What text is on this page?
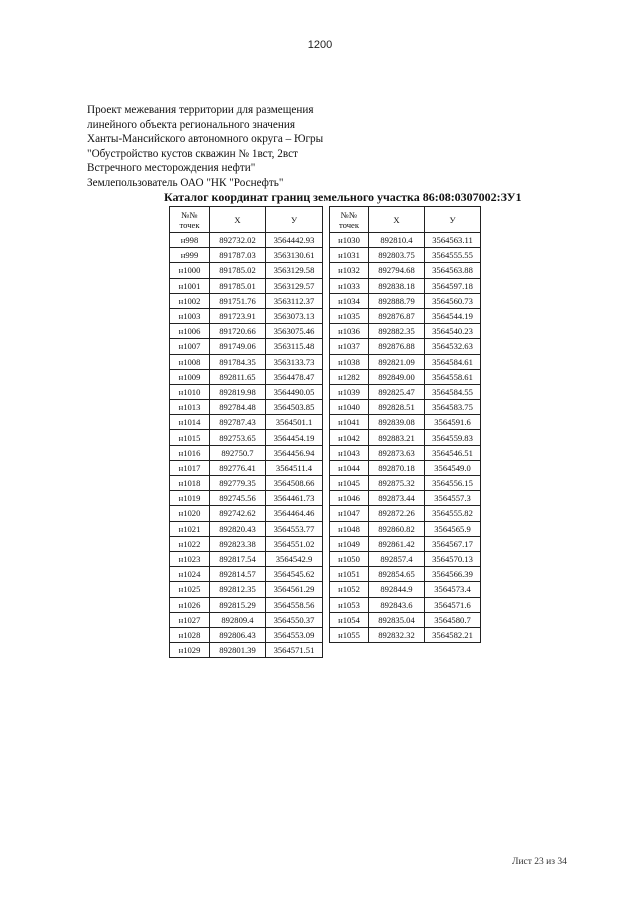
1200
Проект межевания территории для размещения
линейного объекта регионального значения
Ханты-Мансийского автономного округа – Югры
"Обустройство кустов скважин № 1вст, 2вст
Встречного месторождения нефти"
Землепользователь ОАО "НК "Роснефть"
Каталог координат границ земельного участка 86:08:0307002:ЗУ1
№№
точек	X	У
н998	892732.02	3564442.93
н999	891787.03	3563130.61
н1000	891785.02	3563129.58
н1001	891785.01	3563129.57
н1002	891751.76	3563112.37
н1003	891723.91	3563073.13
н1006	891720.66	3563075.46
н1007	891749.06	3563115.48
н1008	891784.35	3563133.73
н1009	892811.65	3564478.47
н1010	892819.98	3564490.05
н1013	892784.48	3564503.85
н1014	892787.43	3564501.1
н1015	892753.65	3564454.19
н1016	892750.7	3564456.94
н1017	892776.41	3564511.4
н1018	892779.35	3564508.66
н1019	892745.56	3564461.73
н1020	892742.62	3564464.46
н1021	892820.43	3564553.77
н1022	892823.38	3564551.02
н1023	892817.54	3564542.9
н1024	892814.57	3564545.62
н1025	892812.35	3564561.29
н1026	892815.29	3564558.56
н1027	892809.4	3564550.37
н1028	892806.43	3564553.09
н1029	892801.39	3564571.51
№№
точек	X	У
н1030	892810.4	3564563.11
н1031	892803.75	3564555.55
н1032	892794.68	3564563.88
н1033	892838.18	3564597.18
н1034	892888.79	3564560.73
н1035	892876.87	3564544.19
н1036	892882.35	3564540.23
н1037	892876.88	3564532.63
н1038	892821.09	3564584.61
н1282	892849.00	3564558.61
н1039	892825.47	3564584.55
н1040	892828.51	3564583.75
н1041	892839.08	3564591.6
н1042	892883.21	3564559.83
н1043	892873.63	3564546.51
н1044	892870.18	3564549.0
н1045	892875.32	3564556.15
н1046	892873.44	3564557.3
н1047	892872.26	3564555.82
н1048	892860.82	3564565.9
н1049	892861.42	3564567.17
н1050	892857.4	3564570.13
н1051	892854.65	3564566.39
н1052	892844.9	3564573.4
н1053	892843.6	3564571.6
н1054	892835.04	3564580.7
н1055	892832.32	3564582.21
Лист 23 из 34
